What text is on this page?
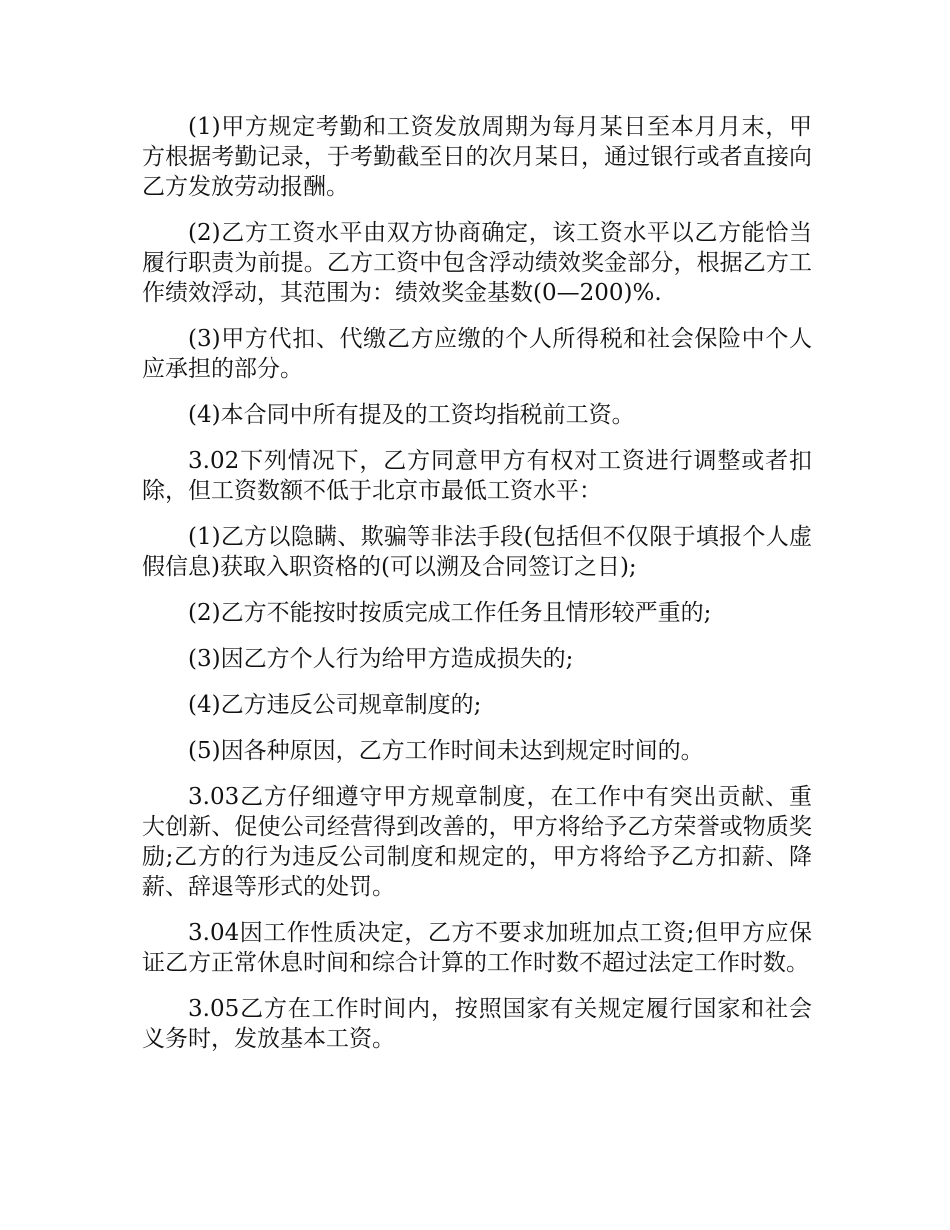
(1)甲方规定考勤和工资发放周期为每月某日至本月月末，甲方根据考勤记录，于考勤截至日的次月某日，通过银行或者直接向乙方发放劳动报酬。

(2)乙方工资水平由双方协商确定，该工资水平以乙方能恰当履行职责为前提。乙方工资中包含浮动绩效奖金部分，根据乙方工作绩效浮动，其范围为：绩效奖金基数(0—200)%.

(3)甲方代扣、代缴乙方应缴的个人所得税和社会保险中个人应承担的部分。

(4)本合同中所有提及的工资均指税前工资。

3.02下列情况下，乙方同意甲方有权对工资进行调整或者扣除，但工资数额不低于北京市最低工资水平：

(1)乙方以隐瞒、欺骗等非法手段(包括但不仅限于填报个人虚假信息)获取入职资格的(可以溯及合同签订之日);

(2)乙方不能按时按质完成工作任务且情形较严重的;

(3)因乙方个人行为给甲方造成损失的;

(4)乙方违反公司规章制度的;

(5)因各种原因，乙方工作时间未达到规定时间的。

3.03乙方仔细遵守甲方规章制度，在工作中有突出贡献、重大创新、促使公司经营得到改善的，甲方将给予乙方荣誉或物质奖励;乙方的行为违反公司制度和规定的，甲方将给予乙方扣薪、降薪、辞退等形式的处罚。

3.04因工作性质决定，乙方不要求加班加点工资;但甲方应保证乙方正常休息时间和综合计算的工作时数不超过法定工作时数。

3.05乙方在工作时间内，按照国家有关规定履行国家和社会义务时，发放基本工资。
